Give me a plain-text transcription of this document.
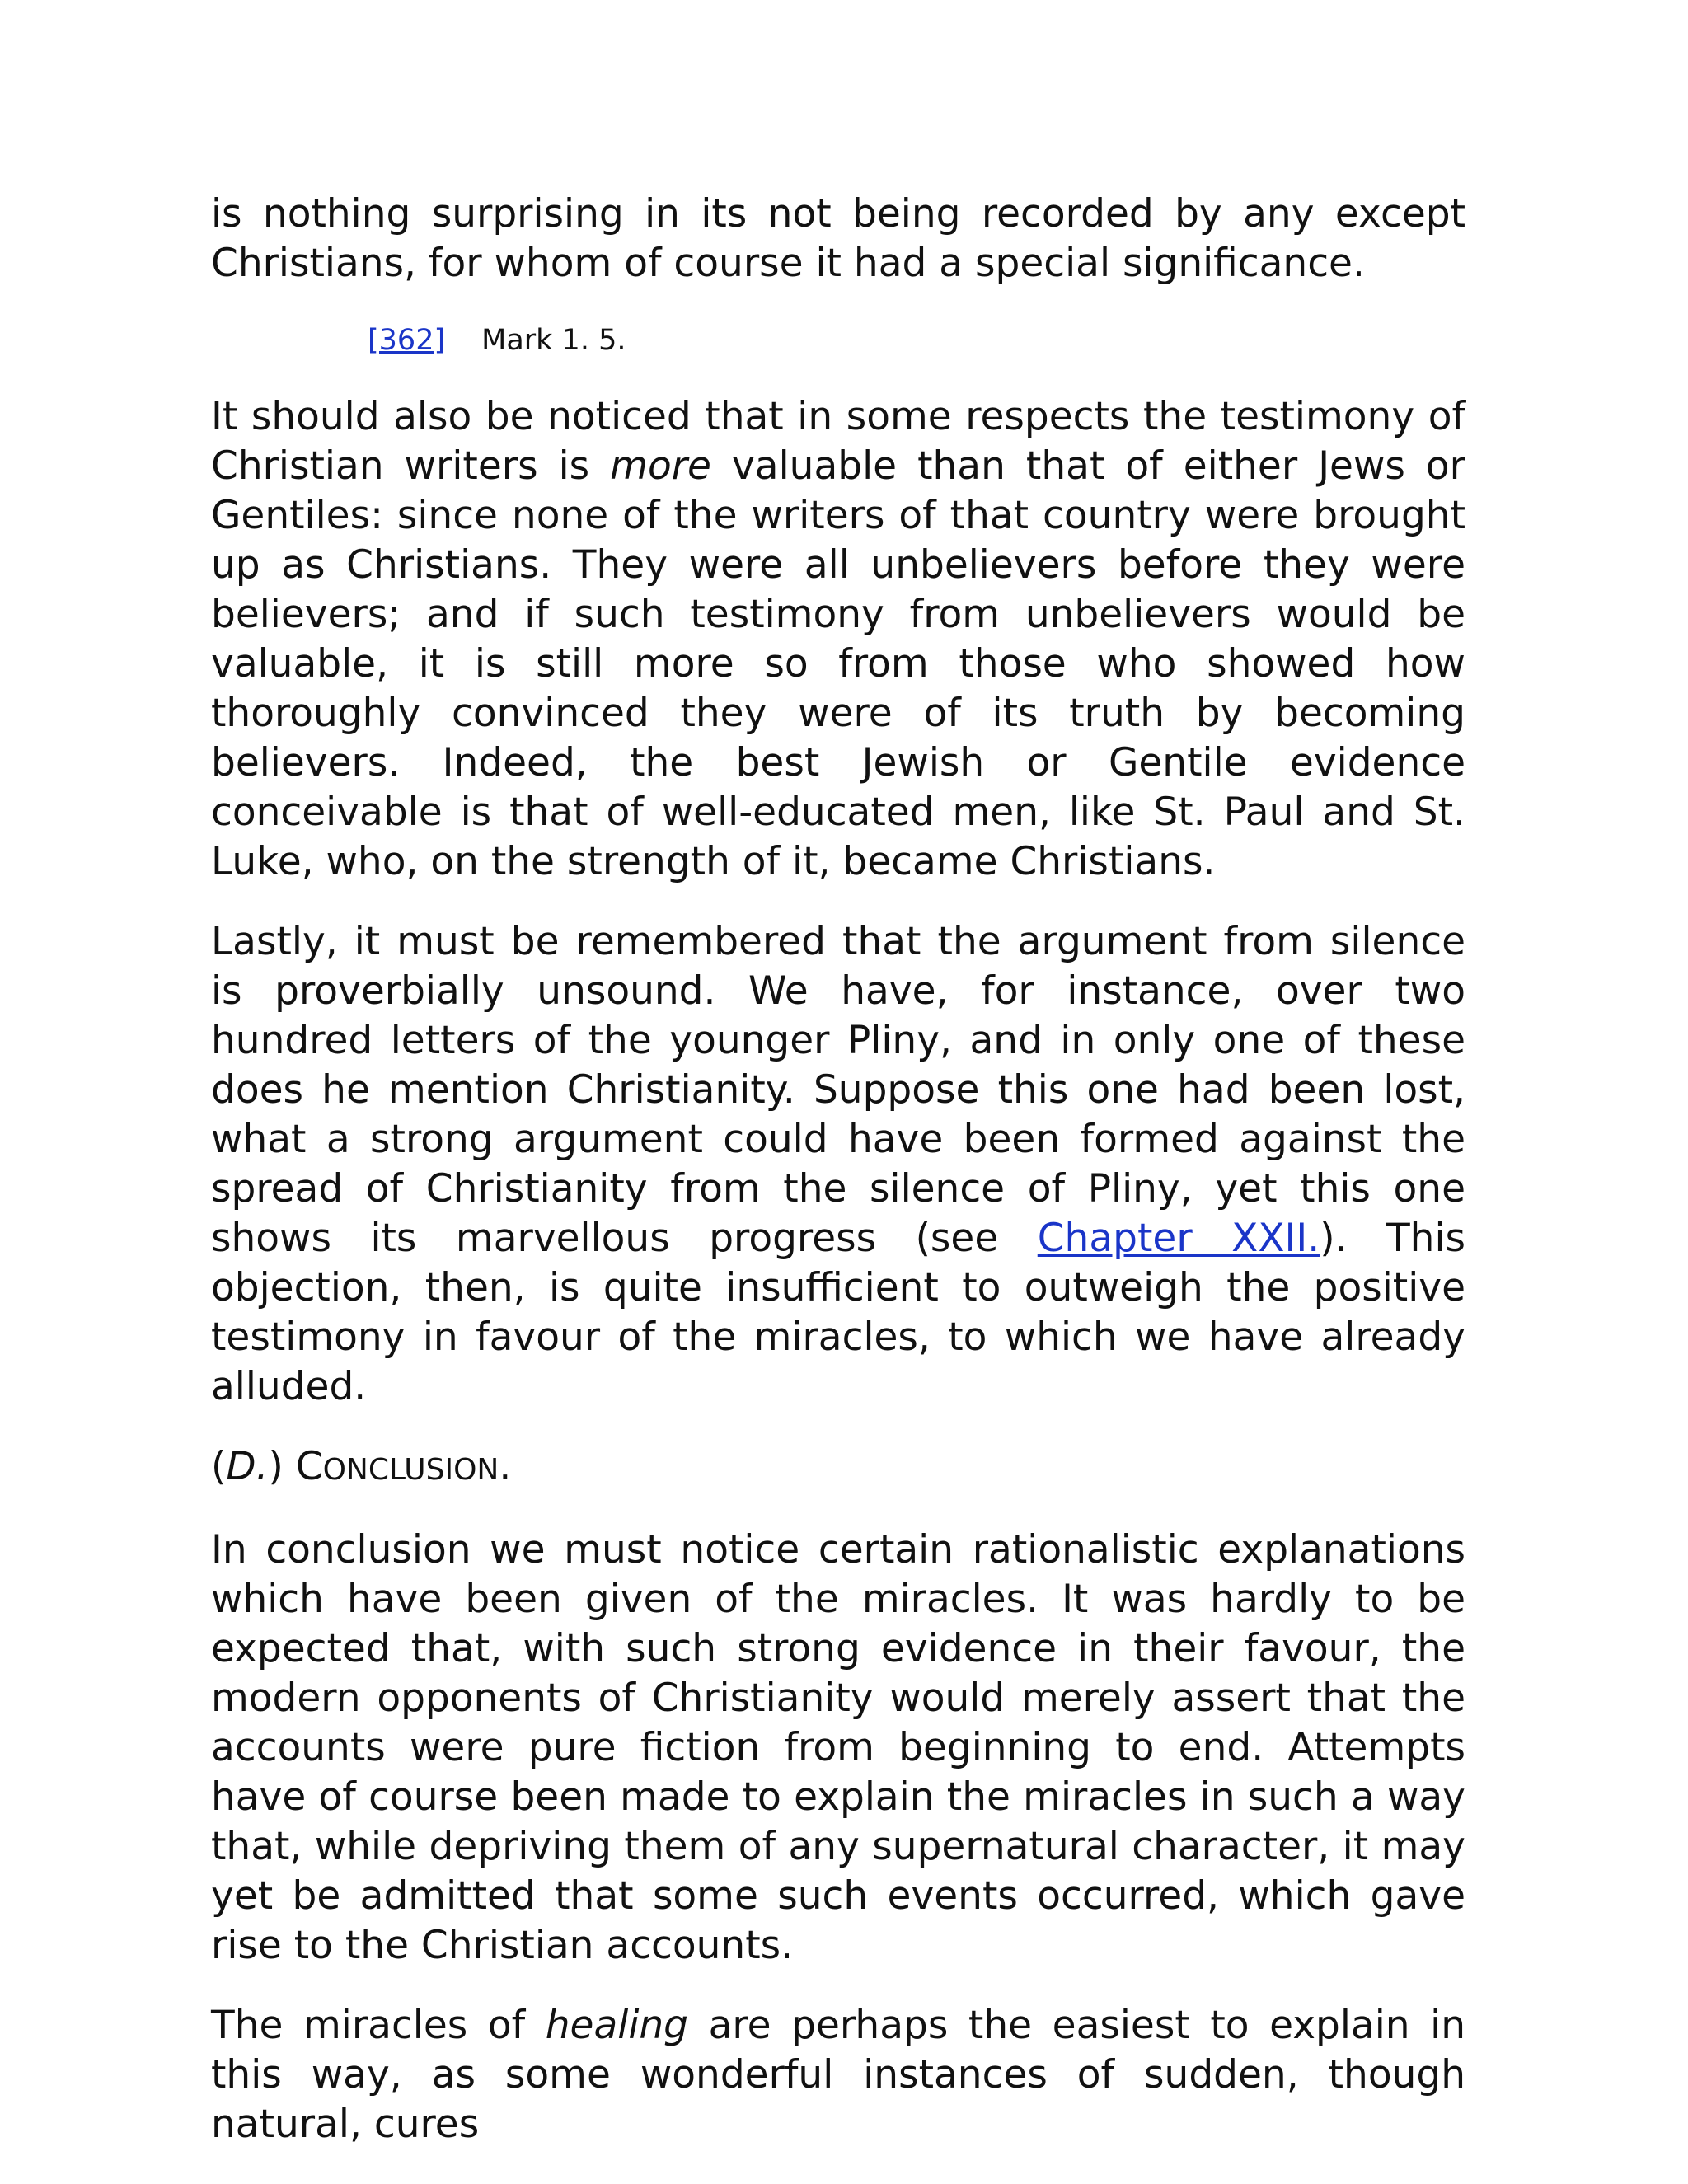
is nothing surprising in its not being recorded by any except Christians, for whom of course it had a special significance.

[362] Mark 1. 5.

It should also be noticed that in some respects the testimony of Christian writers is more valuable than that of either Jews or Gentiles: since none of the writers of that country were brought up as Christians. They were all unbelievers before they were believers; and if such testimony from unbelievers would be valuable, it is still more so from those who showed how thoroughly convinced they were of its truth by becoming believers. Indeed, the best Jewish or Gentile evidence conceivable is that of well-educated men, like St. Paul and St. Luke, who, on the strength of it, became Christians.

Lastly, it must be remembered that the argument from silence is proverbially unsound. We have, for instance, over two hundred letters of the younger Pliny, and in only one of these does he mention Christianity. Suppose this one had been lost, what a strong argument could have been formed against the spread of Christianity from the silence of Pliny, yet this one shows its marvellous progress (see Chapter XXII.). This objection, then, is quite insufficient to outweigh the positive testimony in favour of the miracles, to which we have already alluded.

(D.) CONCLUSION.

In conclusion we must notice certain rationalistic explanations which have been given of the miracles. It was hardly to be expected that, with such strong evidence in their favour, the modern opponents of Christianity would merely assert that the accounts were pure fiction from beginning to end. Attempts have of course been made to explain the miracles in such a way that, while depriving them of any supernatural character, it may yet be admitted that some such events occurred, which gave rise to the Christian accounts.

The miracles of healing are perhaps the easiest to explain in this way, as some wonderful instances of sudden, though natural, cures
